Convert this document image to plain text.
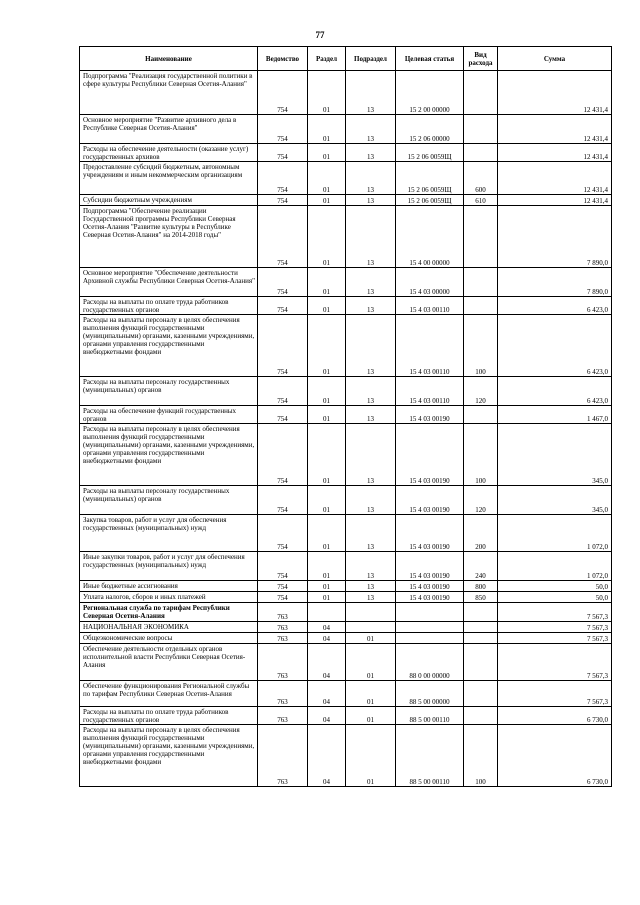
77
Наименование	Ведомство	Раздел	Подраздел	Целевая статья	Вид расхода	Сумма
Подпрограмма "Реализация государственной политики в сфере культуры Республики Северная Осетия-Алания"	754	01	13	15 2 00 00000		12 431,4
Основное мероприятие "Развитие архивного дела в Республике Северная Осетия-Алания"	754	01	13	15 2 06 00000		12 431,4
Расходы на обеспечение деятельности (оказание услуг) государственных архивов	754	01	13	15 2 06 0059Щ		12 431,4
Предоставление субсидий бюджетным, автономным учреждениям и иным некоммерческим организациям	754	01	13	15 2 06 0059Щ	600	12 431,4
Субсидии бюджетным учреждениям	754	01	13	15 2 06 0059Щ	610	12 431,4
Подпрограмма "Обеспечение реализации Государственной программы Республики Северная Осетия-Алания "Развитие культуры в Республике Северная Осетия-Алания" на 2014-2018 годы"	754	01	13	15 4 00 00000		7 890,0
Основное мероприятие "Обеспечение деятельности Архивной службы Республики Северная Осетия-Алания"	754	01	13	15 4 03 00000		7 890,0
Расходы на выплаты по оплате труда работников государственных органов	754	01	13	15 4 03 00110		6 423,0
Расходы на выплаты персоналу в целях обеспечения выполнения функций государственными (муниципальными) органами, казенными учреждениями, органами управления государственными внебюджетными фондами	754	01	13	15 4 03 00110	100	6 423,0
Расходы на выплаты персоналу государственных (муниципальных) органов	754	01	13	15 4 03 00110	120	6 423,0
Расходы на обеспечение функций государственных органов	754	01	13	15 4 03 00190		1 467,0
Расходы на выплаты персоналу в целях обеспечения выполнения функций государственными (муниципальными) органами, казенными учреждениями, органами управления государственными внебюджетными фондами	754	01	13	15 4 03 00190	100	345,0
Расходы на выплаты персоналу государственных (муниципальных) органов	754	01	13	15 4 03 00190	120	345,0
Закупка товаров, работ и услуг для обеспечения государственных (муниципальных) нужд	754	01	13	15 4 03 00190	200	1 072,0
Иные закупки товаров, работ и услуг для обеспечения государственных (муниципальных) нужд	754	01	13	15 4 03 00190	240	1 072,0
Иные бюджетные ассигнования	754	01	13	15 4 03 00190	800	50,0
Уплата налогов, сборов и иных платежей	754	01	13	15 4 03 00190	850	50,0
Региональная служба по тарифам Республики Северная Осетия-Алания	763					7 567,3
НАЦИОНАЛЬНАЯ ЭКОНОМИКА	763	04				7 567,3
Общеэкономические вопросы	763	04	01			7 567,3
Обеспечение деятельности отдельных органов исполнительной власти Республики Северная Осетия-Алания	763	04	01	88 0 00 00000		7 567,3
Обеспечение функционирования Региональной службы по тарифам Республики Северная Осетия-Алания	763	04	01	88 5 00 00000		7 567,3
Расходы на выплаты по оплате труда работников государственных органов	763	04	01	88 5 00 00110		6 730,0
Расходы на выплаты персоналу в целях обеспечения выполнения функций государственными (муниципальными) органами, казенными учреждениями, органами управления государственными внебюджетными фондами	763	04	01	88 5 00 00110	100	6 730,0
